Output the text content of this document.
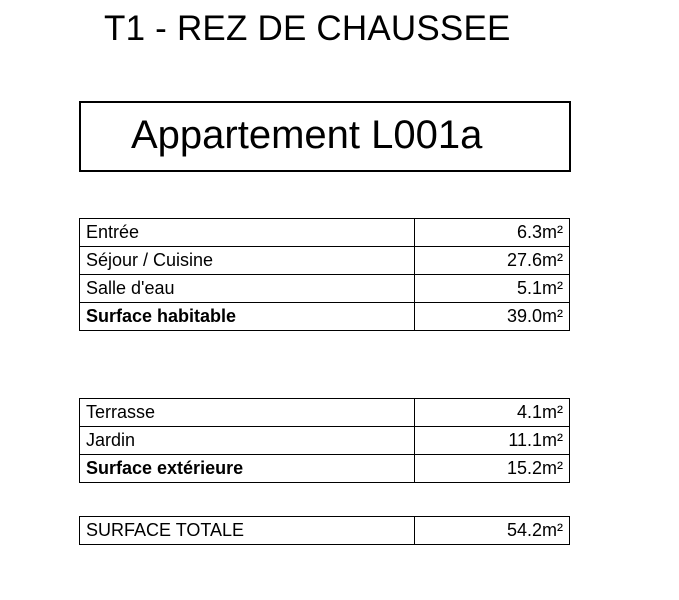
T1 - REZ DE CHAUSSEE
Appartement L001a
Entrée	6.3m²
Séjour / Cuisine	27.6m²
Salle d'eau	5.1m²
Surface habitable	39.0m²
Terrasse	4.1m²
Jardin	11.1m²
Surface extérieure	15.2m²
SURFACE TOTALE	54.2m²
